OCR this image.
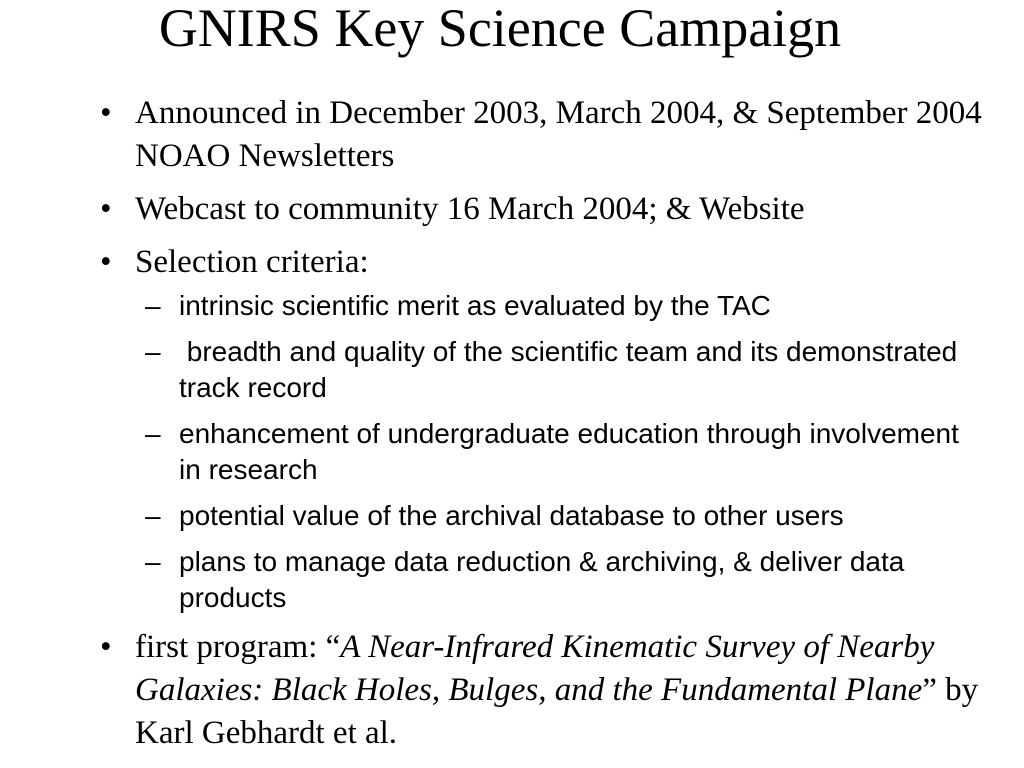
GNIRS Key Science Campaign
• Announced in December 2003, March 2004, & September 2004 NOAO Newsletters
• Webcast to community 16 March 2004; & Website
• Selection criteria:
– intrinsic scientific merit as evaluated by the TAC
– breadth and quality of the scientific team and its demonstrated track record
– enhancement of undergraduate education through involvement in research
– potential value of the archival database to other users
– plans to manage data reduction & archiving, & deliver data products
• first program: “A Near-Infrared Kinematic Survey of Nearby Galaxies: Black Holes, Bulges, and the Fundamental Plane” by Karl Gebhardt et al.
